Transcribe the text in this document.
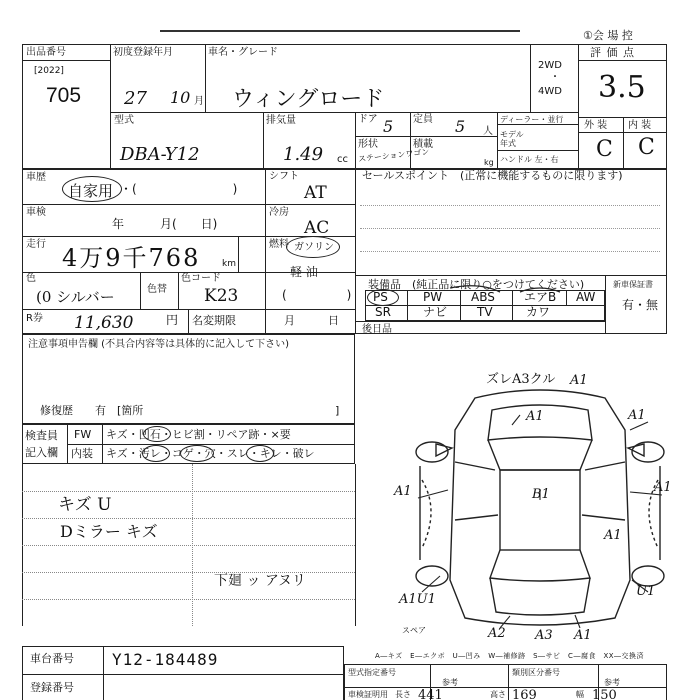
①会 場 控
出品番号
[2022]
705
初度登録年月
27 10 月
車名・グレード
ウィングロード
2WD
・
4WD
評 価 点
3.5
外 装 内 装
C C
型式
DBA-Y12
排気量
1.49 cc
ドア 5 定員 5 人
形状
ステーションワゴン
積載
kg
ディーラー・並行
モデル
年式
ハンドル 左・右
車歴
自家用 ・(　　　　　　　　)
車検
年　　　月(　　日)
走行 4万9千768 km
色
(0 シルバー	色替
色コード
K23
R券 11,630	円 名変期限	月　　　日
シフト
AT
冷房
AC
燃料 ガソリン
軽 油
(　　　　　)
セールスポイント　(正常に機能するものに限ります)
装備品　(純正品に限り○をつけてください)
PS	PW ABS エアB AW
SR	ナビ TV	カワ
新車保証書
有・無
後日品
注意事項申告欄 (不具合内容等は具体的に記入して下さい)
修復歴　　有　[箇所	]
検査員
記入欄
FW キズ・凹石・ヒビ割・リペア跡・×要
内装 キズ・汚レ・コゲ・穴・スレ・キレ・破レ
キズ U
Dミラー キズ
下廻 ッ アヌリ
ズレA3クル A1
A1	A1
A1	A1
B1
A1
A1U1
U1
A2 A3 A1
スペア
車台番号 Y12-184489
登録番号
A―キズ　E―エクボ　U―凹み　W―補修跡　S―サビ　C―腐食　XX―交換済
型式指定番号	類別区分番号
参考	参考
車検証明用 長さ 441	高さ 169	幅 150
